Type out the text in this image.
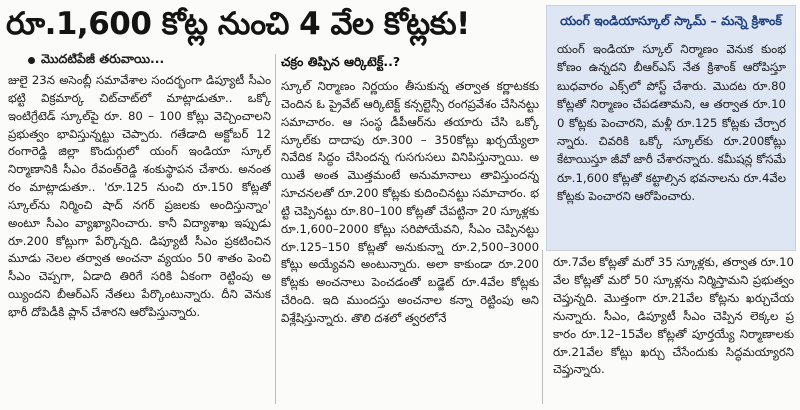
రూ.1,600 కోట్ల నుంచి 4 వేల కోట్లకు!
మొదటిపేజీ తరువాయి...
జులై 23న అసెంబ్లీ సమావేశాల సందర్భంగా డిప్యూటీ సీఎం భట్టి విక్రమార్క చిట్‌చాట్‌లో మాట్లాడుతూ.. ఒక్కో ఇంటిగ్రేటెడ్ స్కూల్‌పై రూ. 80 – 100 కోట్లు వెచ్చించాలని ప్రభుత్వం భావిస్తున్నట్టు చెప్పారు. గతేడాది అక్టోబర్ 12 రంగారెడ్డి జిల్లా కొందుర్గులో యంగ్ ఇండియా స్కూల్ నిర్మాణానికి సీఎం రేవంత్‌రెడ్డి శంకుస్థాపన చేశారు. అనంతరం మాట్లాడుతూ.. 'రూ.125 నుంచి రూ.150 కోట్లతో స్కూల్‌ను నిర్మించి షాద్ నగర్ ప్రజలకు అందిస్తున్నాం' అంటూ సీఎం వ్యాఖ్యానించారు. కానీ విద్యాశాఖ ఇప్పుడు రూ.200 కోట్లుగా పేర్కొన్నది. డిప్యూటీ సీఎం ప్రకటించిన మూడు నెలల తర్వాత అంచనా వ్యయం 50 శాతం పెంచి సీఎం చెప్పగా, ఏడాది తిరిగే సరికి ఏకంగా రెట్టింపు అయ్యిందని బీఆర్ఎస్ నేతలు పేర్కొంటున్నారు. దీని వెనుక భారీ దోపిడీకి ప్లాన్ చేశారని ఆరోపిస్తున్నారు.
చక్రం తిప్పిన ఆర్కిటెక్ట్..?
స్కూల్ నిర్మాణం నిర్ణయం తీసుకున్న తర్వాత కర్ణాటకకు చెందిన ఓ ప్రైవేట్ ఆర్కిటెక్ట్ కన్సల్టెన్సీ రంగప్రవేశం చేసినట్టు సమాచారం. ఆ సంస్థ డీపీఆర్‌ను తయారు చేసి ఒక్కో స్కూల్‌కు దాదాపు రూ.300 – 350కోట్లు ఖర్చయ్యేలా నివేదిక సిద్ధం చేసిందన్న గుసగుసలు వినిపిస్తున్నాయి. అయితే అంత మొత్తమంటే అనుమానాలు తావిస్తుందన్న సూచనలతో రూ.200 కోట్లకు కుదించినట్టు సమాచారం. భట్టి చెప్పినట్టు రూ.80–100 కోట్లతో చేపట్టినా 20 స్కూళ్లకు రూ.1,600–2000 కోట్లు సరిపోయేవని, సీఎం చెప్పినట్టు రూ.125–150 కోట్లతో అనుకున్నా రూ.2,500–3000 కోట్లు అయ్యేవని అంటున్నారు. అలా కాకుండా రూ.200కోట్లకు అంచనాలు పెంచడంతో బడ్జెట్ రూ.4వేల కోట్లకు చేరింది. ఇది ముందస్తు అంచనాల కన్నా రెట్టింపు అని విశ్లేషిస్తున్నారు. తొలి దశలో త్వరలోనే
యంగ్ ఇండియాస్కూల్ స్కామ్ – మన్నె క్రిశాంక్
యంగ్ ఇండియా స్కూల్ నిర్మాణం వెనుక కుంభకోణం ఉన్నదని బీఆర్ఎస్ నేత క్రిశాంక్ ఆరోపిస్తూ బుధవారం ఎక్స్‌లో పోస్ట్ చేశారు. మొదట రూ.80 కోట్లతో నిర్మాణం చేపడతామని, ఆ తర్వాత రూ.100 కోట్లకు పెంచారని, మళ్లీ రూ.125 కోట్లకు చేర్చారన్నారు. చివరికి ఒక్కో స్కూల్‌కు రూ.200కోట్లు కేటాయిస్తూ జీవో జారీ చేశారన్నారు. కమీషన్ల కోసమే రూ.1,600 కోట్లతో కట్టాల్సిన భవనాలను రూ.4వేల కోట్లకు పెంచారని ఆరోపించారు.
రూ.7వేల కోట్లతో మరో 35 స్కూళ్లకు, తర్వాత రూ.10వేల కోట్లతో మరో 50 స్కూళ్లను నిర్మిస్తామని ప్రభుత్వం చెప్తున్నది. మొత్తంగా రూ.21వేల కోట్లను ఖర్చుచేయనున్నారు. సీఎం, డిప్యూటీ సీఎం చెప్పిన లెక్కల ప్రకారం రూ.12–15వేల కోట్లతో పూర్తయ్యే నిర్మాణాలకు రూ.21వేల కోట్లు ఖర్చు చేసేందుకు సిద్ధమయ్యారని చెప్తున్నారు.
